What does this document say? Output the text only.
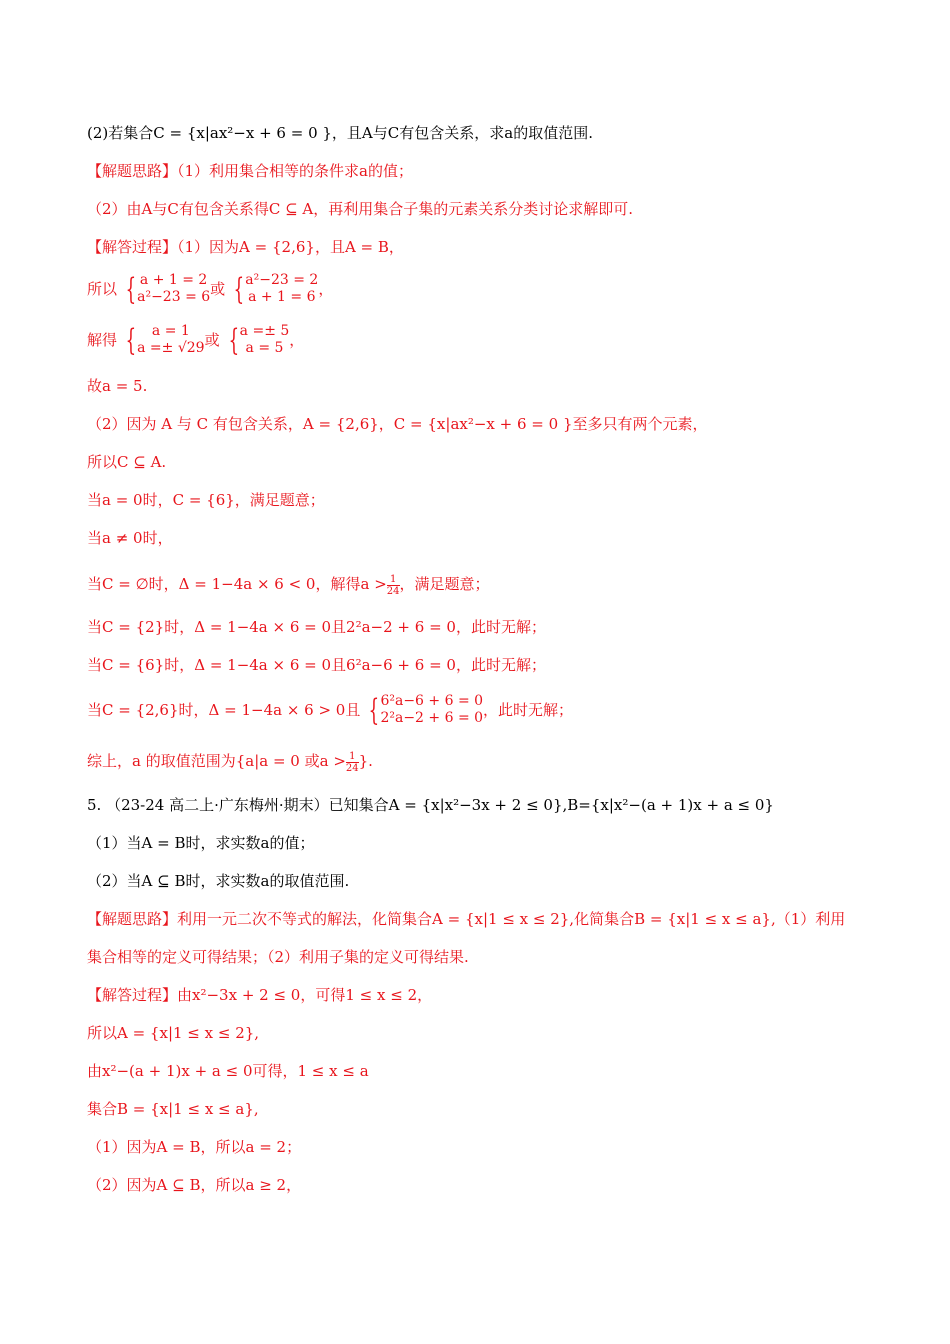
(2)若集合C = {x|ax²−x + 6 = 0 }，且A与C有包含关系，求a的取值范围.
【解题思路】（1）利用集合相等的条件求a的值；
（2）由A与C有包含关系得C ⊆ A，再利用集合子集的元素关系分类讨论求解即可.
【解答过程】（1）因为A = {2,6}，且A = B，
所以 { a + 1 = 2
a²−23 = 6 或 { a²−23 = 2
a + 1 = 6 ，
解得 {	a = 1
a =± √29 或 { a =± 5
a = 5 ，
故a = 5.
（2）因为 A 与 C 有包含关系，A = {2,6}，C = {x|ax²−x + 6 = 0 }至多只有两个元素，
所以C ⊆ A.
当a = 0时，C = {6}，满足题意；
当a ≠ 0时，
当C = ∅时，Δ = 1−4a × 6 < 0，解得$a > \frac{1}{24}$ ，满足题意；
当C = {2}时，Δ = 1−4a × 6 = 0且2²a−2 + 6 = 0，此时无解；
当C = {6}时，Δ = 1−4a × 6 = 0且6²a−6 + 6 = 0，此时无解；
当C = {2,6}时，Δ = 1−4a × 6 > 0且 { 6²a−6 + 6 = 0
2²a−2 + 6 = 0 ，此时无解；
综上，a 的取值范围为{a|a = 0 或$a > \frac{1}{24}$ }.
5. （23-24 高二上·广东梅州·期末）已知集合A = {x|x²−3x + 2 ≤ 0},B={x|x²−(a + 1)x + a ≤ 0}
（1）当A = B时，求实数a的值；
（2）当A ⊆ B时，求实数a的取值范围.
【解题思路】利用一元二次不等式的解法，化简集合A = {x|1 ≤ x ≤ 2},化简集合B = {x|1 ≤ x ≤ a},（1）利用
集合相等的定义可得结果；（2）利用子集的定义可得结果.
【解答过程】由x²−3x + 2 ≤ 0，可得1 ≤ x ≤ 2，
所以A = {x|1 ≤ x ≤ 2},
由x²−(a + 1)x + a ≤ 0可得，1 ≤ x ≤ a
集合B = {x|1 ≤ x ≤ a},
（1）因为A = B，所以a = 2；
（2）因为A ⊆ B，所以a ≥ 2，
